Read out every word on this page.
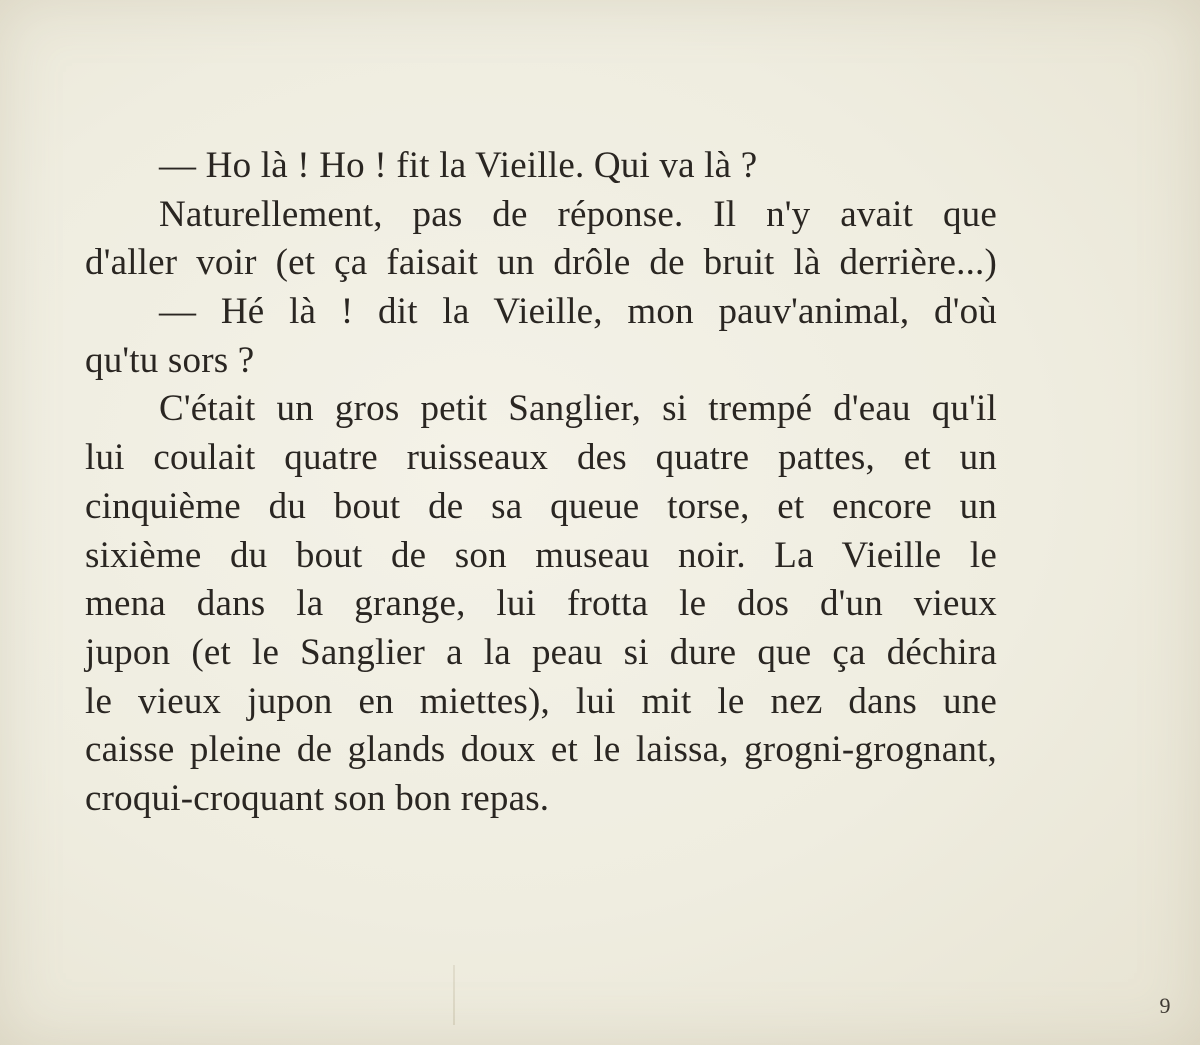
— Ho là ! Ho ! fit la Vieille. Qui va là ?
Naturellement, pas de réponse. Il n'y avait que
d'aller voir (et ça faisait un drôle de bruit là derrière...)
— Hé là ! dit la Vieille, mon pauv'animal, d'où
qu'tu sors ?
C'était un gros petit Sanglier, si trempé d'eau qu'il
lui coulait quatre ruisseaux des quatre pattes, et un
cinquième du bout de sa queue torse, et encore un
sixième du bout de son museau noir. La Vieille le
mena dans la grange, lui frotta le dos d'un vieux
jupon (et le Sanglier a la peau si dure que ça déchira
le vieux jupon en miettes), lui mit le nez dans une
caisse pleine de glands doux et le laissa, grogni-grognant,
croqui-croquant son bon repas.
9
